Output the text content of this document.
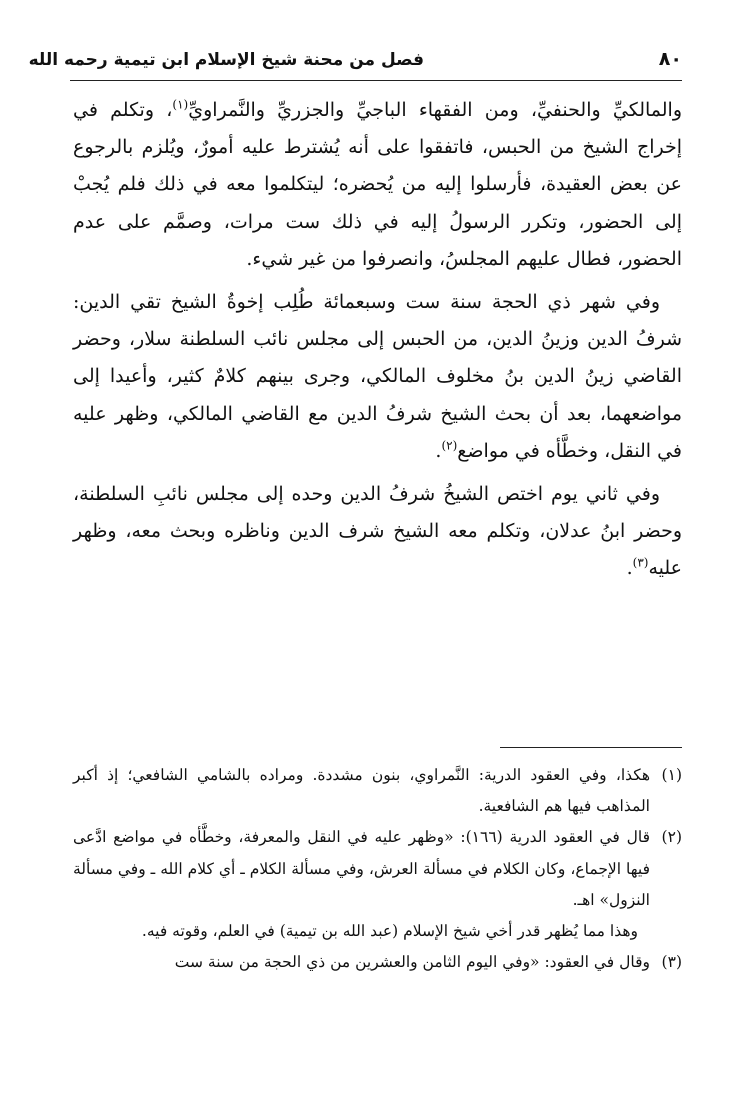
٨٠
فصل من محنة شيخ الإسلام ابن تيمية رحمه الله

والمالكيِّ والحنفيِّ، ومن الفقهاء الباجيِّ والجزريِّ والنَّمراويِّ$^{(١)}$، وتكلم في إخراج الشيخ من الحبس، فاتفقوا على أنه يُشترط عليه أمورٌ، ويُلزم بالرجوع عن بعض العقيدة، فأرسلوا إليه من يُحضره؛ ليتكلموا معه في ذلك فلم يُجبْ إلى الحضور، وتكرر الرسولُ إليه في ذلك ست مرات، وصمَّم على عدم الحضور، فطال عليهم المجلسُ، وانصرفوا من غير شيء.

وفي شهر ذي الحجة سنة ست وسبعمائة طُلِب إخوةُ الشيخ تقي الدين: شرفُ الدين وزينُ الدين، من الحبس إلى مجلس نائب السلطنة سلار، وحضر القاضي زينُ الدين بنُ مخلوف المالكي، وجرى بينهم كلامٌ كثير، وأعيدا إلى مواضعهما، بعد أن بحث الشيخ شرفُ الدين مع القاضي المالكي، وظهر عليه في النقل، وخطَّأه في مواضع$^{(٢)}$.

وفي ثاني يوم اختص الشيخُ شرفُ الدين وحده إلى مجلس نائبِ السلطنة، وحضر ابنُ عدلان، وتكلم معه الشيخ شرف الدين وناظره وبحث معه، وظهر عليه$^{(٣)}$.

(١)

هكذا، وفي العقود الدرية: النَّمراوي، بنون مشددة. ومراده بالشامي الشافعي؛ إذ أكبر المذاهب فيها هم الشافعية.

(٢)

قال في العقود الدرية (١٦٦): «وظهر عليه في النقل والمعرفة، وخطَّأه في مواضع ادَّعى فيها الإجماع، وكان الكلام في مسألة العرش، وفي مسألة الكلام ـ أي كلام الله ـ وفي مسألة النزول» اهـ.

وهذا مما يُظهر قدر أخي شيخ الإسلام (عبد الله بن تيمية) في العلم، وقوته فيه.

(٣)

وقال في العقود: «وفي اليوم الثامن والعشرين من ذي الحجة من سنة ست
